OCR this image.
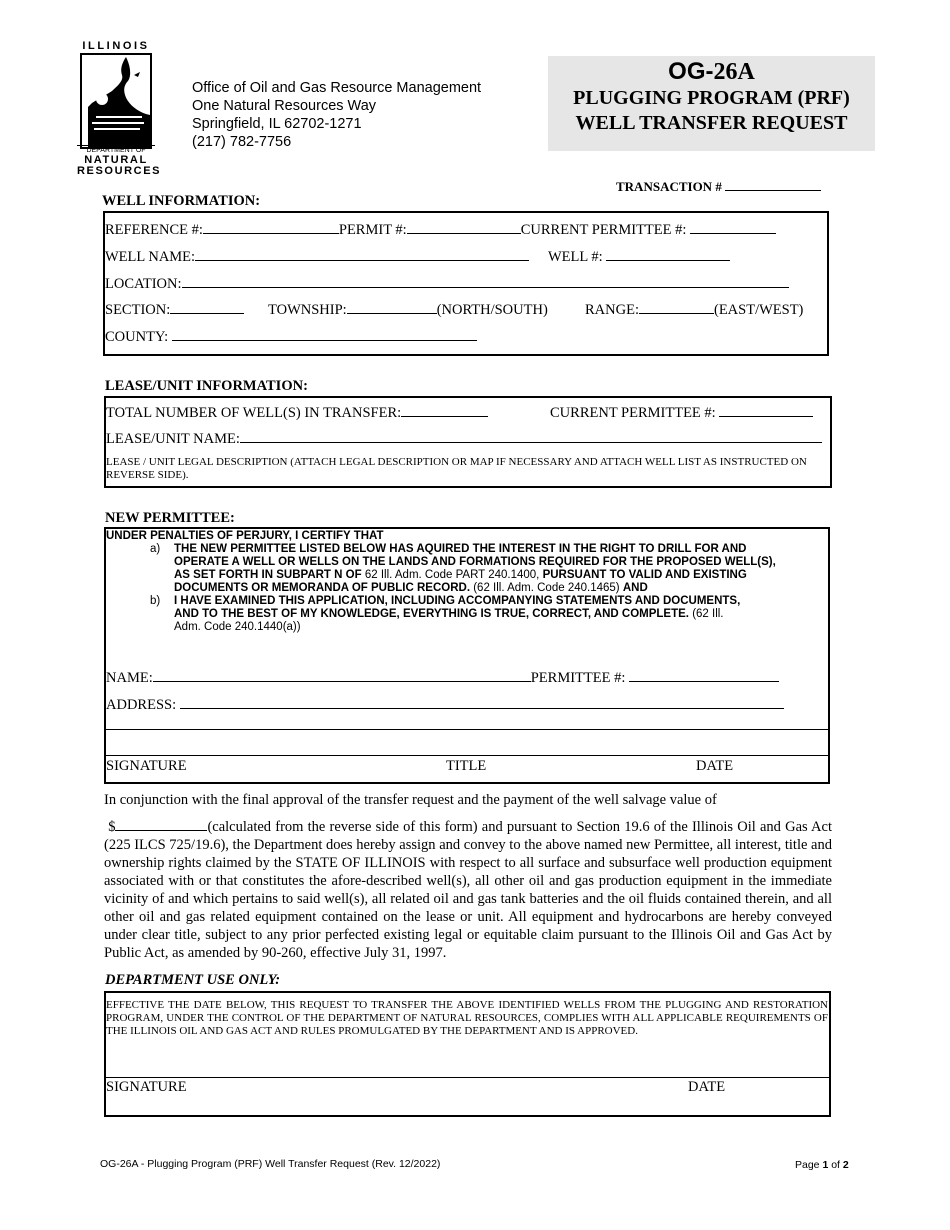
ILLINOIS
DEPARTMENT OF
NATURAL
RESOURCES
Office of Oil and Gas Resource Management
One Natural Resources Way
Springfield, IL 62702-1271
(217) 782-7756
OG-26A
PLUGGING PROGRAM (PRF)
WELL TRANSFER REQUEST
TRANSACTION #
WELL INFORMATION:
REFERENCE #:	PERMIT #:	CURRENT PERMITTEE #:
WELL NAME:	WELL #:
LOCATION:
SECTION:	TOWNSHIP:	(NORTH/SOUTH)	RANGE:	(EAST/WEST)
COUNTY:
LEASE/UNIT INFORMATION:
TOTAL NUMBER OF WELL(S) IN TRANSFER:	CURRENT PERMITTEE #:
LEASE/UNIT NAME:
LEASE / UNIT LEGAL DESCRIPTION (ATTACH LEGAL DESCRIPTION OR MAP IF NECESSARY AND ATTACH WELL LIST AS INSTRUCTED ON REVERSE SIDE).
NEW PERMITTEE:
UNDER PENALTIES OF PERJURY, I CERTIFY THAT
a) THE NEW PERMITTEE LISTED BELOW HAS AQUIRED THE INTEREST IN THE RIGHT TO DRILL FOR AND OPERATE A WELL OR WELLS ON THE LANDS AND FORMATIONS REQUIRED FOR THE PROPOSED WELL(S), AS SET FORTH IN SUBPART N OF 62 Ill. Adm. Code PART 240.1400, PURSUANT TO VALID AND EXISTING DOCUMENTS OR MEMORANDA OF PUBLIC RECORD. (62 Ill. Adm. Code 240.1465) AND
b) I HAVE EXAMINED THIS APPLICATION, INCLUDING ACCOMPANYING STATEMENTS AND DOCUMENTS, AND TO THE BEST OF MY KNOWLEDGE, EVERYTHING IS TRUE, CORRECT, AND COMPLETE. (62 Ill. Adm. Code 240.1440(a))
NAME:	PERMITTEE #:
ADDRESS:
SIGNATURE	TITLE	DATE
In conjunction with the final approval of the transfer request and the payment of the well salvage value of
$	(calculated from the reverse side of this form) and pursuant to Section 19.6 of the Illinois Oil and Gas Act (225 ILCS 725/19.6), the Department does hereby assign and convey to the above named new Permittee, all interest, title and ownership rights claimed by the STATE OF ILLINOIS with respect to all surface and subsurface well production equipment associated with or that constitutes the afore-described well(s), all other oil and gas production equipment in the immediate vicinity of and which pertains to said well(s), all related oil and gas tank batteries and the oil fluids contained therein, and all other oil and gas related equipment contained on the lease or unit. All equipment and hydrocarbons are hereby conveyed under clear title, subject to any prior perfected existing legal or equitable claim pursuant to the Illinois Oil and Gas Act by Public Act, as amended by 90-260, effective July 31, 1997.
DEPARTMENT USE ONLY:
EFFECTIVE THE DATE BELOW, THIS REQUEST TO TRANSFER THE ABOVE IDENTIFIED WELLS FROM THE PLUGGING AND RESTORATION PROGRAM, UNDER THE CONTROL OF THE DEPARTMENT OF NATURAL RESOURCES, COMPLIES WITH ALL APPLICABLE REQUIREMENTS OF THE ILLINOIS OIL AND GAS ACT AND RULES PROMULGATED BY THE DEPARTMENT AND IS APPROVED.
SIGNATURE	DATE
OG-26A - Plugging Program (PRF) Well Transfer Request (Rev. 12/2022)	Page 1 of 2
